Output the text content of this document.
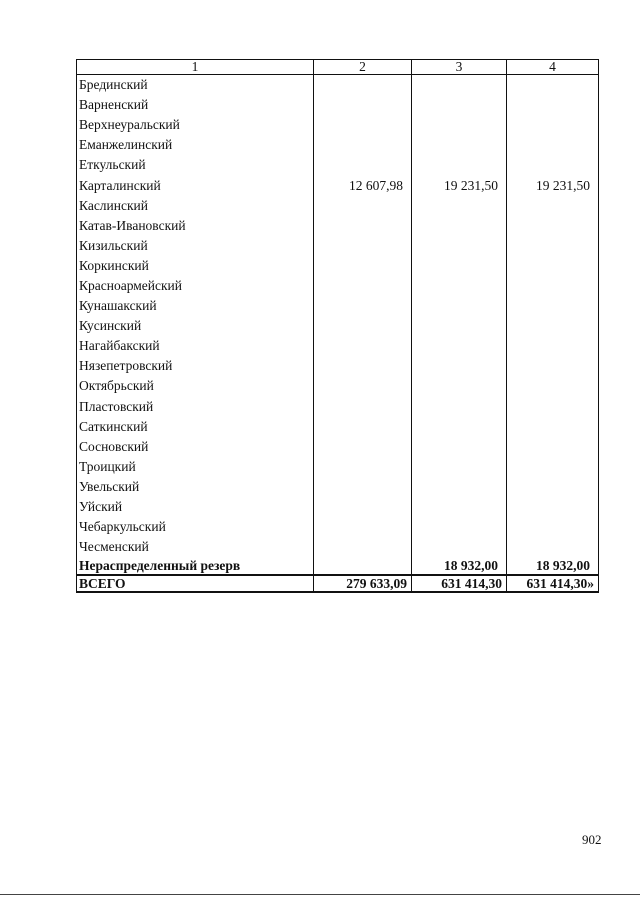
1	2	3	4
Брединский			
Варненский			
Верхнеуральский			
Еманжелинский			
Еткульский			
Карталинский	12 607,98	19 231,50	19 231,50
Каслинский			
Катав-Ивановский			
Кизильский			
Коркинский			
Красноармейский			
Кунашакский			
Кусинский			
Нагайбакский			
Нязепетровский			
Октябрьский			
Пластовский			
Саткинский			
Сосновский			
Троицкий			
Увельский			
Уйский			
Чебаркульский			
Чесменский			
Нераспределенный резерв		18 932,00	18 932,00
ВСЕГО	279 633,09	631 414,30	631 414,30»
902
